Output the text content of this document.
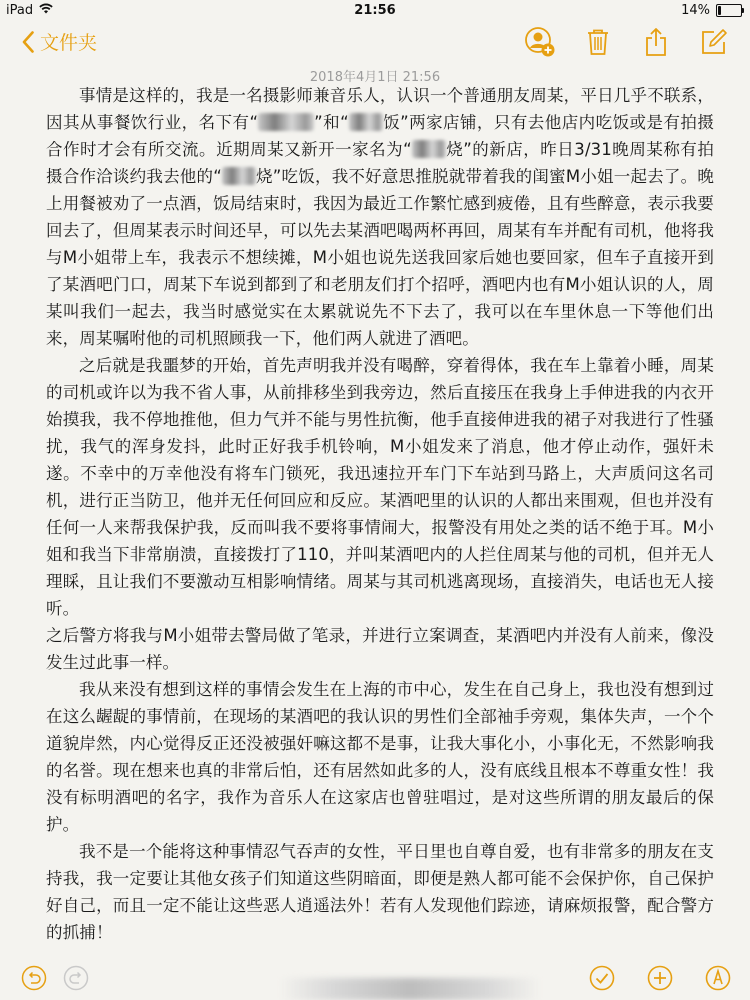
iPad	21:56	14%
文件夹
2018年4月1日 21:56

事情是这样的，我是一名摄影师兼音乐人，认识一个普通朋友周某，平日几乎不联系，因其从事餐饮行业，名下有“	”和“ 饭”两家店铺，只有去他店内吃饭或是有拍摄合作时才会有所交流。近期周某又新开一家名为“ 烧”的新店，昨日3/31晚周某称有拍摄合作洽谈约我去他的“ 烧”吃饭，我不好意思推脱就带着我的闺蜜M小姐一起去了。晚上用餐被劝了一点酒，饭局结束时，我因为最近工作繁忙感到疲倦，且有些醉意，表示我要回去了，但周某表示时间还早，可以先去某酒吧喝两杯再回，周某有车并配有司机，他将我与M小姐带上车，我表示不想续摊，M小姐也说先送我回家后她也要回家，但车子直接开到了某酒吧门口，周某下车说到都到了和老朋友们打个招呼，酒吧内也有M小姐认识的人，周某叫我们一起去，我当时感觉实在太累就说先不下去了，我可以在车里休息一下等他们出来，周某嘱咐他的司机照顾我一下，他们两人就进了酒吧。

之后就是我噩梦的开始，首先声明我并没有喝醉，穿着得体，我在车上靠着小睡，周某的司机或许以为我不省人事，从前排移坐到我旁边，然后直接压在我身上手伸进我的内衣开始摸我，我不停地推他，但力气并不能与男性抗衡，他手直接伸进我的裙子对我进行了性骚扰，我气的浑身发抖，此时正好我手机铃响，M小姐发来了消息，他才停止动作，强奸未遂。不幸中的万幸他没有将车门锁死，我迅速拉开车门下车站到马路上，大声质问这名司机，进行正当防卫，他并无任何回应和反应。某酒吧里的认识的人都出来围观，但也并没有任何一人来帮我保护我，反而叫我不要将事情闹大，报警没有用处之类的话不绝于耳。M小姐和我当下非常崩溃，直接拨打了110，并叫某酒吧内的人拦住周某与他的司机，但并无人理睬，且让我们不要激动互相影响情绪。周某与其司机逃离现场，直接消失，电话也无人接听。

之后警方将我与M小姐带去警局做了笔录，并进行立案调查，某酒吧内并没有人前来，像没发生过此事一样。

我从来没有想到这样的事情会发生在上海的市中心，发生在自己身上，我也没有想到过在这么龌龊的事情前，在现场的某酒吧的我认识的男性们全部袖手旁观，集体失声，一个个道貌岸然，内心觉得反正还没被强奸嘛这都不是事，让我大事化小，小事化无，不然影响我的名誉。现在想来也真的非常后怕，还有居然如此多的人，没有底线且根本不尊重女性！我没有标明酒吧的名字，我作为音乐人在这家店也曾驻唱过，是对这些所谓的朋友最后的保护。

我不是一个能将这种事情忍气吞声的女性，平日里也自尊自爱，也有非常多的朋友在支持我，我一定要让其他女孩子们知道这些阴暗面，即便是熟人都可能不会保护你，自己保护好自己，而且一定不能让这些恶人逍遥法外！若有人发现他们踪迹，请麻烦报警，配合警方的抓捕！
